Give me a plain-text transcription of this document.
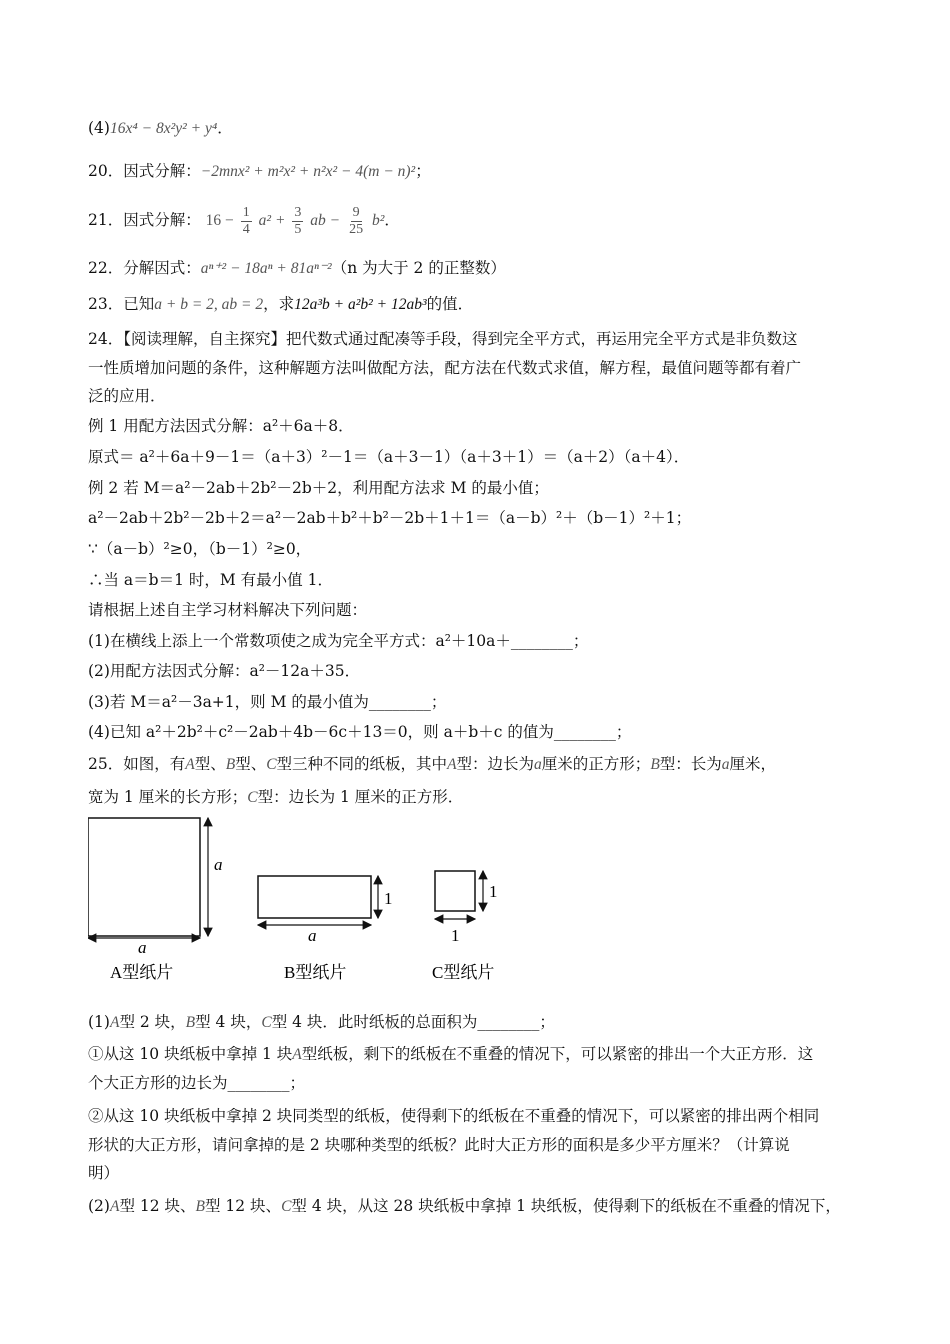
(4)16x⁴ − 8x²y² + y⁴．
20．因式分解：−2mnx² + m²x² + n²x² − 4(m − n)²；
21．因式分解： $16 - \frac{1}{4} a^2 + \frac{3}{5}$ ab − $\frac{9}{25} b^2$．
22．分解因式：aⁿ⁺² − 18aⁿ + 81aⁿ⁻²（n 为大于 2 的正整数）
23．已知a + b = 2, ab = 2，求12a³b + a²b² + 12ab³的值．
24．【阅读理解，自主探究】把代数式通过配凑等手段，得到完全平方式，再运用完全平方式是非负数这
一性质增加问题的条件，这种解题方法叫做配方法，配方法在代数式求值，解方程，最值问题等都有着广
泛的应用．
例 1 用配方法因式分解：a²＋6a＋8．
原式＝ a²＋6a＋9－1＝（a＋3）²－1＝（a＋3－1）（a＋3＋1）＝（a＋2）（a＋4）．
例 2 若 M＝a²－2ab＋2b²－2b＋2，利用配方法求 M 的最小值；
a²－2ab＋2b²－2b＋2＝a²－2ab＋b²＋b²－2b＋1＋1＝（a－b）²＋（b－1）²＋1；
∵（a－b）²≥0，（b－1）²≥0，
∴当 a＝b＝1 时，M 有最小值 1．
请根据上述自主学习材料解决下列问题：
(1)在横线上添上一个常数项使之成为完全平方式：a²＋10a＋________；
(2)用配方法因式分解：a²－12a＋35．
(3)若 M＝a²－3a+1，则 M 的最小值为________；
(4)已知 a²＋2b²＋c²－2ab＋4b－6c＋13＝0，则 a＋b＋c 的值为________；
25．如图，有A型、B型、C型三种不同的纸板，其中A型：边长为a厘米的正方形；B型：长为a厘米，
宽为 1 厘米的长方形；C型：边长为 1 厘米的正方形．
a
a
A型纸片
1
a
B型纸片
1
1
C型纸片
(1)A型 2 块，B型 4 块，C型 4 块．此时纸板的总面积为________；
①从这 10 块纸板中拿掉 1 块A型纸板，剩下的纸板在不重叠的情况下，可以紧密的排出一个大正方形．这
个大正方形的边长为________；
②从这 10 块纸板中拿掉 2 块同类型的纸板，使得剩下的纸板在不重叠的情况下，可以紧密的排出两个相同
形状的大正方形，请问拿掉的是 2 块哪种类型的纸板？此时大正方形的面积是多少平方厘米？（计算说
明）
(2)A型 12 块、B型 12 块、C型 4 块，从这 28 块纸板中拿掉 1 块纸板，使得剩下的纸板在不重叠的情况下，
